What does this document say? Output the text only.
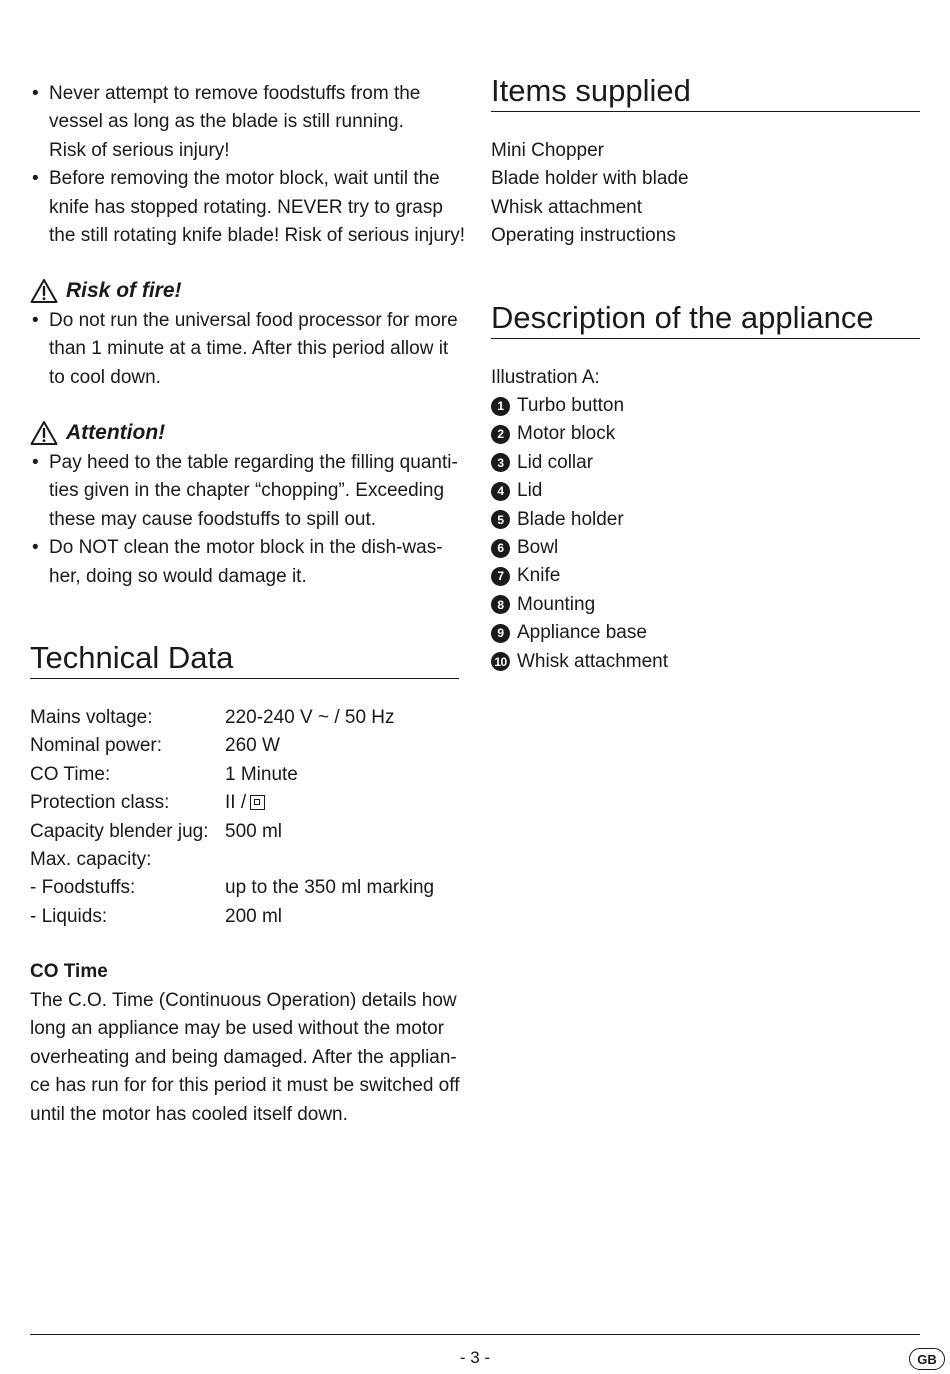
• Never attempt to remove foodstuffs from the
vessel as long as the blade is still running.
Risk of serious injury!
• Before removing the motor block, wait until the
knife has stopped rotating. NEVER try to grasp
the still rotating knife blade! Risk of serious injury!
Risk of fire!
• Do not run the universal food processor for more
than 1 minute at a time. After this period allow it
to cool down.
Attention!
• Pay heed to the table regarding the filling quanti-
ties given in the chapter “chopping”. Exceeding
these may cause foodstuffs to spill out.
• Do NOT clean the motor block in the dish-was-
her, doing so would damage it.
Technical Data
Mains voltage:	220-240 V ~ / 50 Hz
Nominal power:	260 W
CO Time:	1 Minute
Protection class:	II /
Capacity blender jug:	500 ml
Max. capacity:	
- Foodstuffs:	up to the 350 ml marking
- Liquids:	200 ml
CO Time
The C.O. Time (Continuous Operation) details how
long an appliance may be used without the motor
overheating and being damaged. After the applian-
ce has run for for this period it must be switched off
until the motor has cooled itself down.
Items supplied
Mini Chopper
Blade holder with blade
Whisk attachment
Operating instructions
Description of the appliance
Illustration A:
1 Turbo button
2 Motor block
3 Lid collar
4 Lid
5 Blade holder
6 Bowl
7 Knife
8 Mounting
9 Appliance base
10 Whisk attachment
- 3 -	GB
